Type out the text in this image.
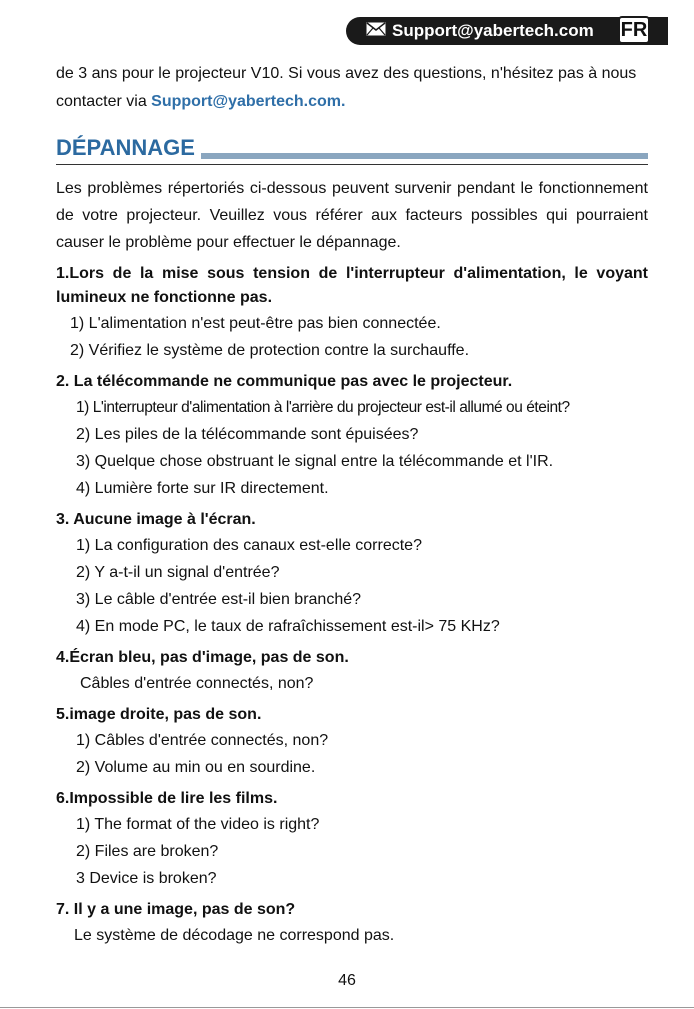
Support@yabertech.com FR

de 3 ans pour le projecteur V10. Si vous avez des questions, n'hésitez pas à nous contacter via Support@yabertech.com.

DÉPANNAGE

Les problèmes répertoriés ci-dessous peuvent survenir pendant le fonctionnement de votre projecteur. Veuillez vous référer aux facteurs possibles qui pourraient causer le problème pour effectuer le dépannage.

1.Lors de la mise sous tension de l'interrupteur d'alimentation, le voyant lumineux ne fonctionne pas.

1) L'alimentation n'est peut-être pas bien connectée.

2) Vérifiez le système de protection contre la surchauffe.

2. La télécommande ne communique pas avec le projecteur.

1) L'interrupteur d'alimentation à l'arrière du projecteur est-il allumé ou éteint?

2) Les piles de la télécommande sont épuisées?

3) Quelque chose obstruant le signal entre la télécommande et l'IR.

4) Lumière forte sur IR directement.

3. Aucune image à l'écran.

1) La configuration des canaux est-elle correcte?

2) Y a-t-il un signal d'entrée?

3) Le câble d'entrée est-il bien branché?

4) En mode PC, le taux de rafraîchissement est-il> 75 KHz?

4.Écran bleu, pas d'image, pas de son.

Câbles d'entrée connectés, non?

5.image droite, pas de son.

1) Câbles d'entrée connectés, non?

2) Volume au min ou en sourdine.

6.Impossible de lire les films.

1) The format of the video is right?

2) Files are broken?

3 Device is broken?

7. Il y a une image, pas de son?

Le système de décodage ne correspond pas.

46
